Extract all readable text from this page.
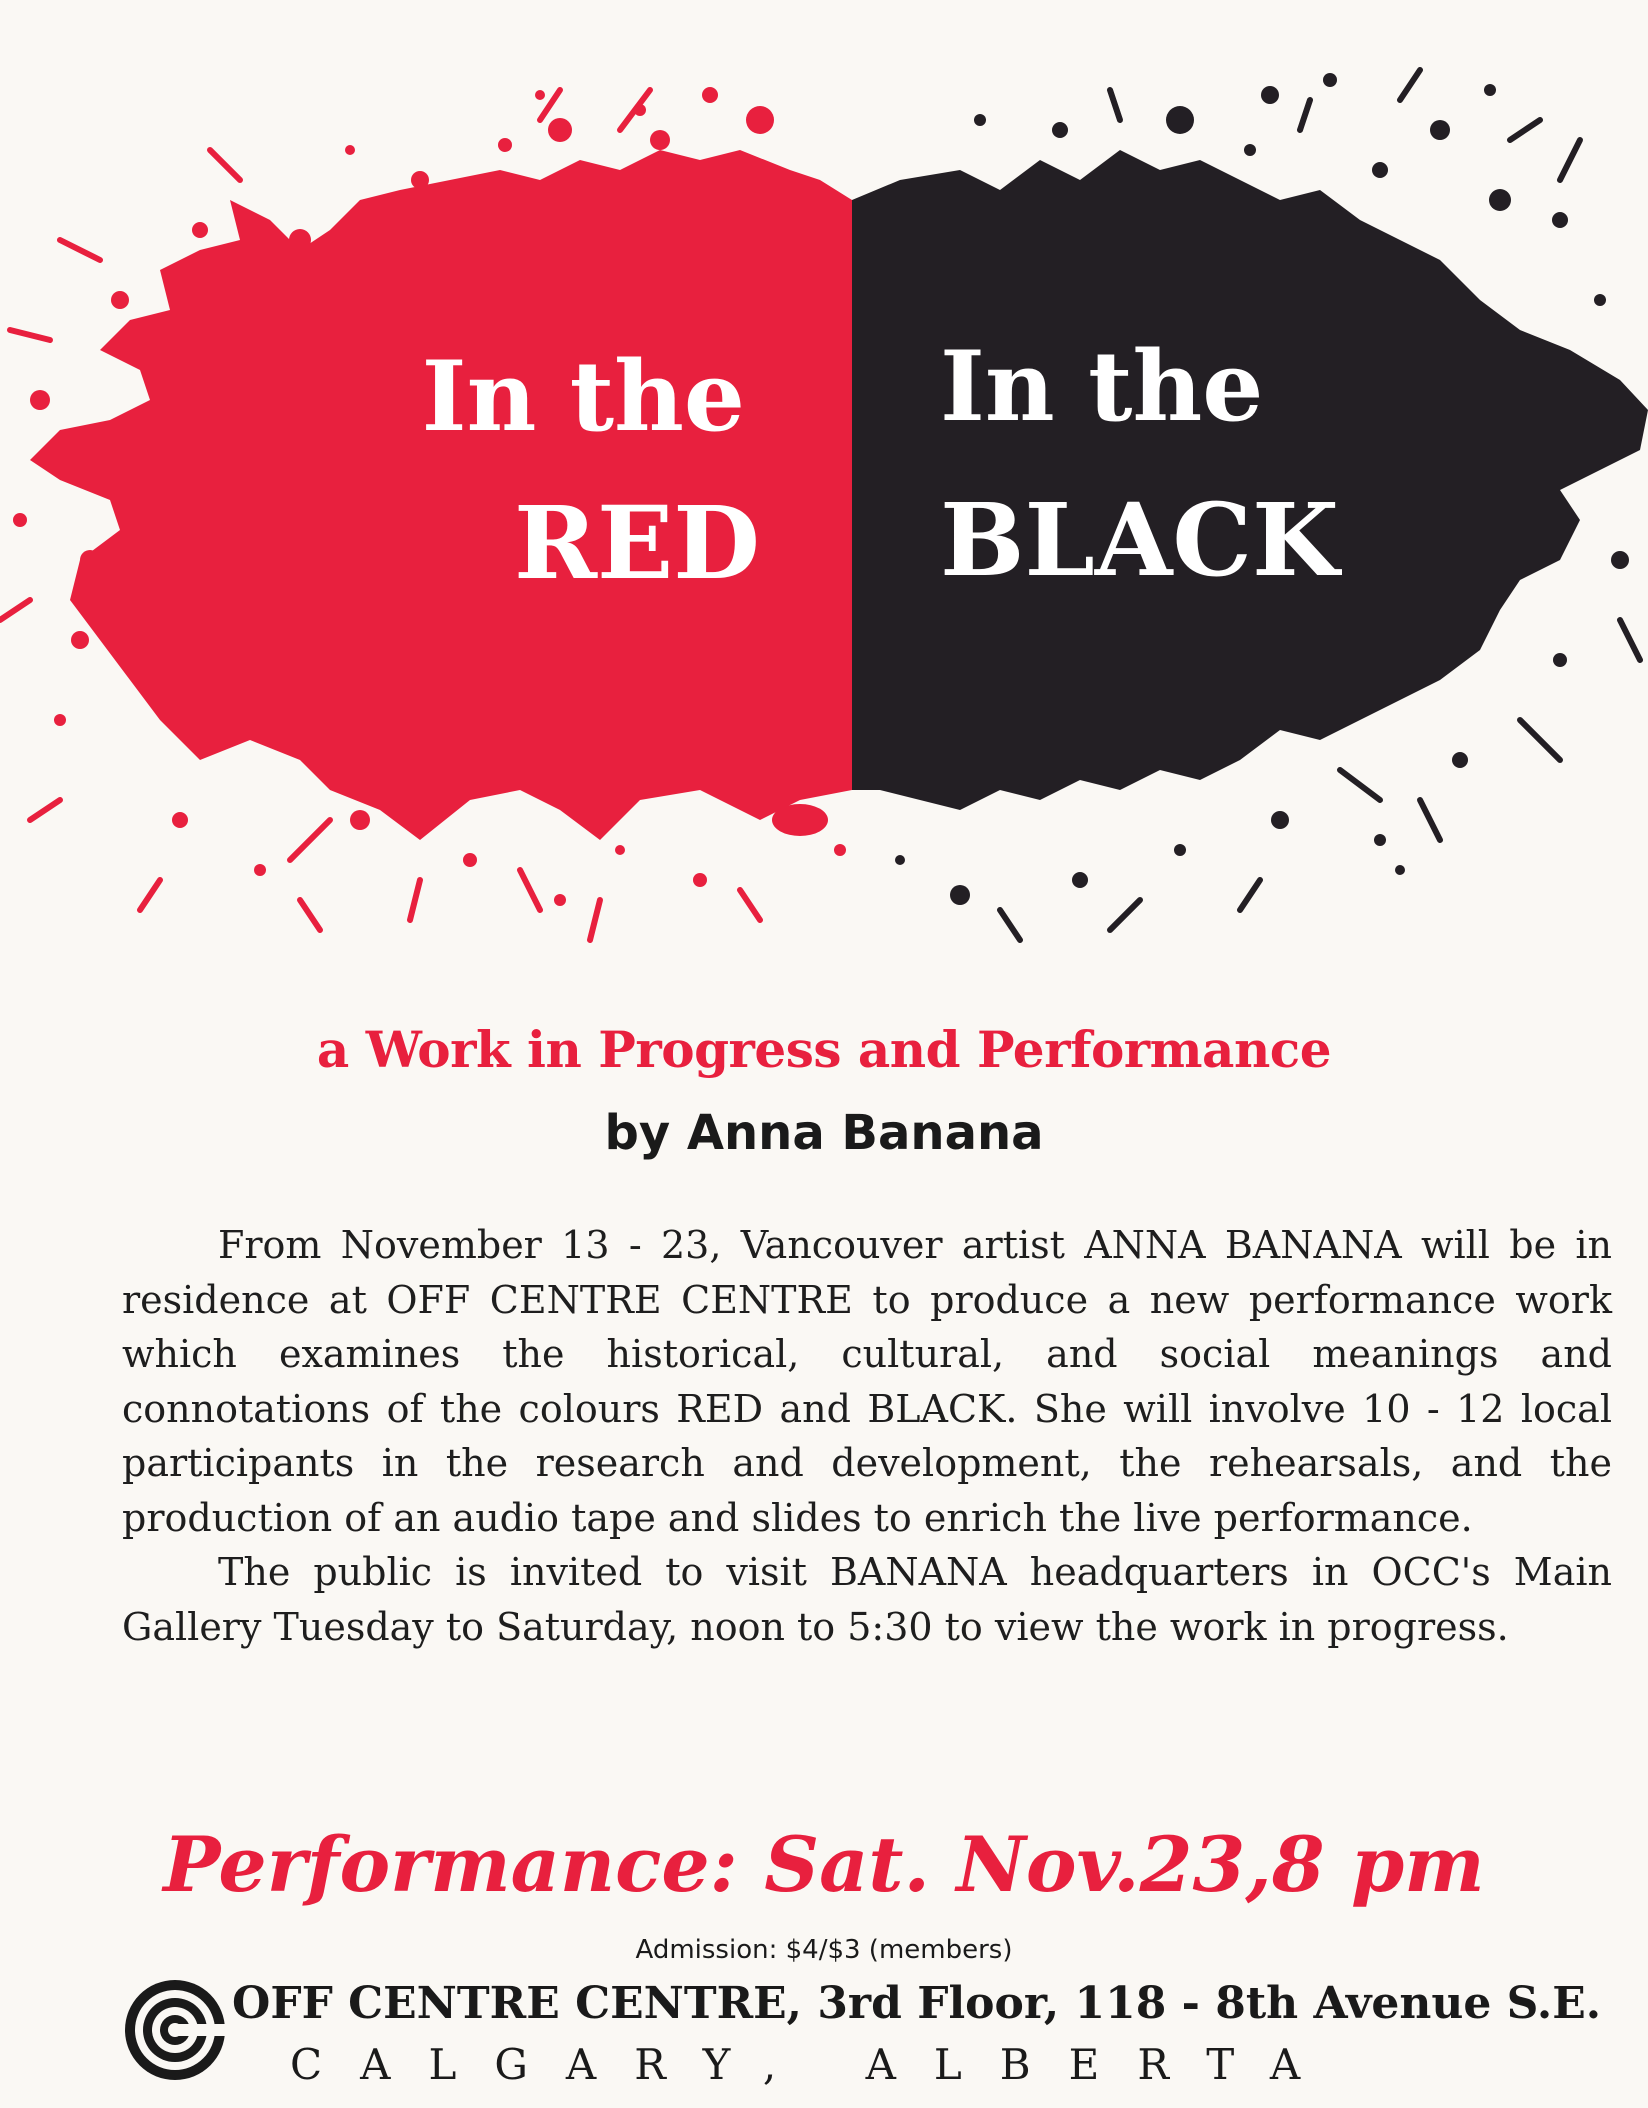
In the
RED
In the
BLACK
a Work in Progress and Performance
by Anna Banana

From November 13 - 23, Vancouver artist ANNA BANANA will be in residence at OFF CENTRE CENTRE to produce a new performance work which examines the historical, cultural, and social meanings and connotations of the colours RED and BLACK. She will involve 10 - 12 local participants in the research and development, the rehearsals, and the production of an audio tape and slides to enrich the live performance.

The public is invited to visit BANANA headquarters in OCC's Main Gallery Tuesday to Saturday, noon to 5:30 to view the work in progress.

Performance: Sat. Nov.23,8 pm
Admission: $4/$3 (members)
OFF CENTRE CENTRE, 3rd Floor, 118 - 8th Avenue S.E.
CALGARY, ALBERTA
